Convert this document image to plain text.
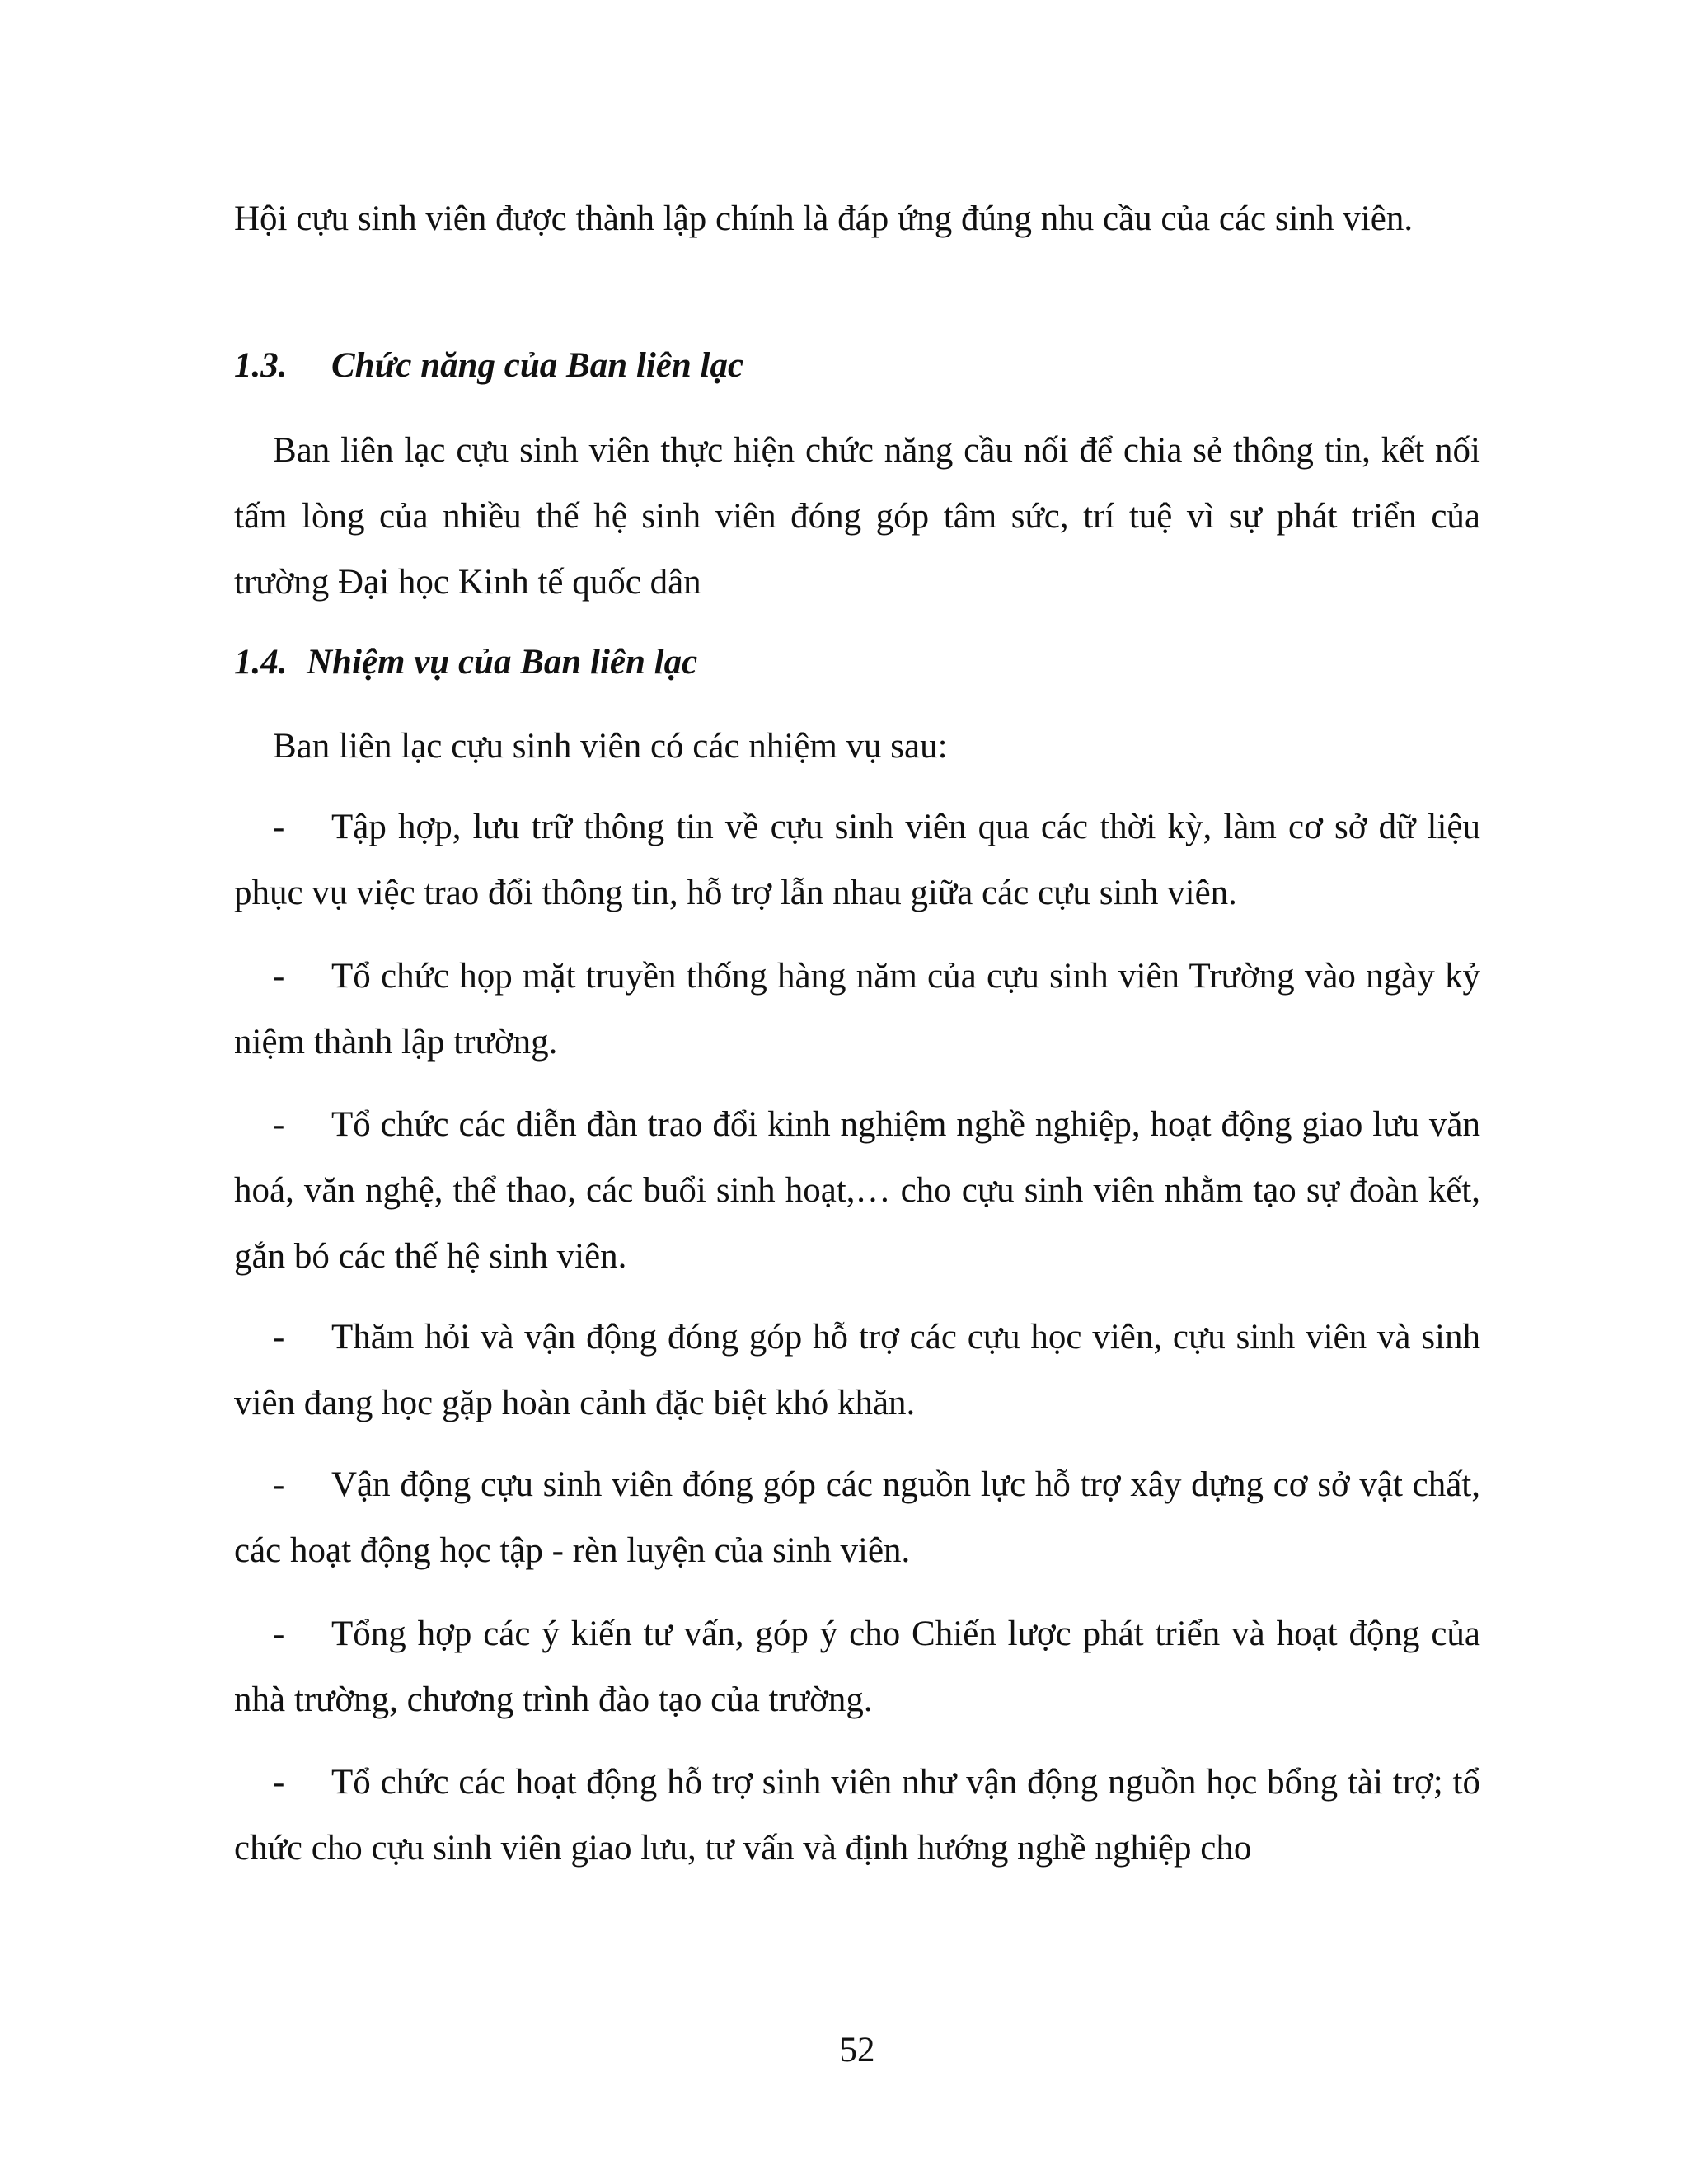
Hội cựu sinh viên được thành lập chính là đáp ứng đúng nhu cầu của các sinh viên.

1.3. Chức năng của Ban liên lạc

Ban liên lạc cựu sinh viên thực hiện chức năng cầu nối để chia sẻ thông tin, kết nối tấm lòng của nhiều thế hệ sinh viên đóng góp tâm sức, trí tuệ vì sự phát triển của trường Đại học Kinh tế quốc dân

1.4. Nhiệm vụ của Ban liên lạc

Ban liên lạc cựu sinh viên có các nhiệm vụ sau:

- Tập hợp, lưu trữ thông tin về cựu sinh viên qua các thời kỳ, làm cơ sở dữ liệu phục vụ việc trao đổi thông tin, hỗ trợ lẫn nhau giữa các cựu sinh viên.

- Tổ chức họp mặt truyền thống hàng năm của cựu sinh viên Trường vào ngày kỷ niệm thành lập trường.

- Tổ chức các diễn đàn trao đổi kinh nghiệm nghề nghiệp, hoạt động giao lưu văn hoá, văn nghệ, thể thao, các buổi sinh hoạt,… cho cựu sinh viên nhằm tạo sự đoàn kết, gắn bó các thế hệ sinh viên.

- Thăm hỏi và vận động đóng góp hỗ trợ các cựu học viên, cựu sinh viên và sinh viên đang học gặp hoàn cảnh đặc biệt khó khăn.

- Vận động cựu sinh viên đóng góp các nguồn lực hỗ trợ xây dựng cơ sở vật chất, các hoạt động học tập - rèn luyện của sinh viên.

- Tổng hợp các ý kiến tư vấn, góp ý cho Chiến lược phát triển và hoạt động của nhà trường, chương trình đào tạo của trường.

- Tổ chức các hoạt động hỗ trợ sinh viên như vận động nguồn học bổng tài trợ; tổ chức cho cựu sinh viên giao lưu, tư vấn và định hướng nghề nghiệp cho

52
